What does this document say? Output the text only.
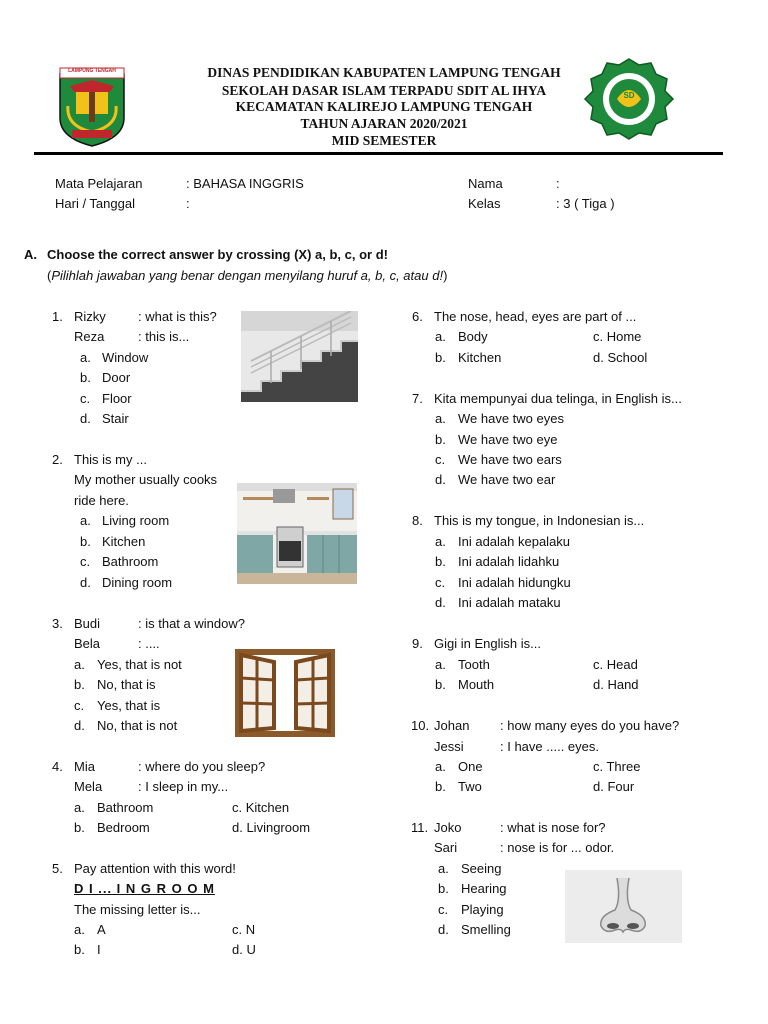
LAMPUNG TENGAH
SD
DINAS PENDIDIKAN KABUPATEN LAMPUNG TENGAH
SEKOLAH DASAR ISLAM TERPADU SDIT AL IHYA
KECAMATAN KALIREJO LAMPUNG TENGAH
TAHUN AJARAN 2020/2021
MID SEMESTER
Mata Pelajaran	: BAHASA INGGRIS
Hari / Tanggal	:
Nama	:
Kelas	: 3 ( Tiga )
A. Choose the correct answer by crossing (X) a, b, c, or d!
(Pilihlah jawaban yang benar dengan menyilang huruf a, b, c, atau d!)
1. Rizky : what is this?
Reza	: this is...
a. Window
b. Door
c. Floor
d. Stair
2. This is my ...
My mother usually cooks
ride here.
a. Living room
b. Kitchen
c. Bathroom
d. Dining room
3. Budi	: is that a window?
Bela	: ....
a. Yes, that is not
b. No, that is
c. Yes, that is
d. No, that is not
4. Mia	: where do you sleep?
Mela	: I sleep in my...
a. Bathroom	c. Kitchen
b. Bedroom	d. Livingroom
5. Pay attention with this word!
D I ... I N G R O O M
The missing letter is...
a. A	c. N
b. I	d. U
6. The nose, head, eyes are part of ...
a. Body	c. Home
b. Kitchen	d. School
7. Kita mempunyai dua telinga, in English is...
a. We have two eyes
b. We have two eye
c. We have two ears
d. We have two ear
8. This is my tongue, in Indonesian is...
a. Ini adalah kepalaku
b. Ini adalah lidahku
c. Ini adalah hidungku
d. Ini adalah mataku
9. Gigi in English is...
a. Tooth	c. Head
b. Mouth	d. Hand
10. Johan : how many eyes do you have?
Jessi	: I have ..... eyes.
a. One	c. Three
b. Two	d. Four
11. Joko	: what is nose for?
Sari	: nose is for ... odor.
a. Seeing
b. Hearing
c. Playing
d. Smelling
